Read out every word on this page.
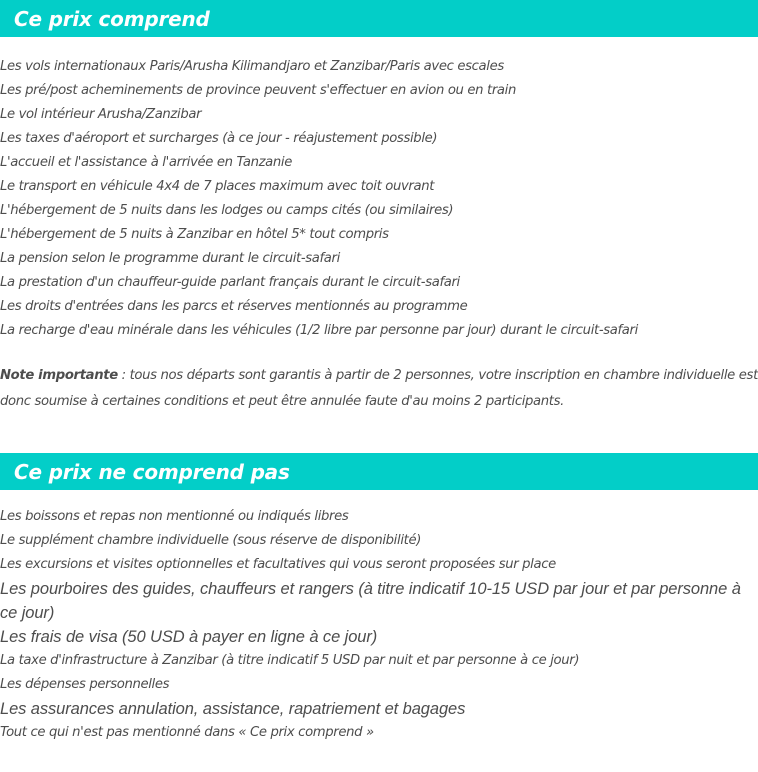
Ce prix comprend
Les vols internationaux Paris/Arusha Kilimandjaro et Zanzibar/Paris avec escales
Les pré/post acheminements de province peuvent s'effectuer en avion ou en train
Le vol intérieur Arusha/Zanzibar
Les taxes d'aéroport et surcharges (à ce jour - réajustement possible)
L'accueil et l'assistance à l'arrivée en Tanzanie
Le transport en véhicule 4x4 de 7 places maximum avec toit ouvrant
L'hébergement de 5 nuits dans les lodges ou camps cités (ou similaires)
L'hébergement de 5 nuits à Zanzibar en hôtel 5* tout compris
La pension selon le programme durant le circuit-safari
La prestation d'un chauffeur-guide parlant français durant le circuit-safari
Les droits d'entrées dans les parcs et réserves mentionnés au programme
La recharge d'eau minérale dans les véhicules (1/2 libre par personne par jour) durant le circuit-safari

Note importante : tous nos départs sont garantis à partir de 2 personnes, votre inscription en chambre individuelle est donc soumise à certaines conditions et peut être annulée faute d'au moins 2 participants.

Ce prix ne comprend pas
Les boissons et repas non mentionné ou indiqués libres
Le supplément chambre individuelle (sous réserve de disponibilité)
Les excursions et visites optionnelles et facultatives qui vous seront proposées sur place
Les pourboires des guides, chauffeurs et rangers (à titre indicatif 10-15 USD par jour et par personne à ce jour)
Les frais de visa (50 USD à payer en ligne à ce jour)
La taxe d'infrastructure à Zanzibar (à titre indicatif 5 USD par nuit et par personne à ce jour)
Les dépenses personnelles
Les assurances annulation, assistance, rapatriement et bagages
Tout ce qui n'est pas mentionné dans « Ce prix comprend »
